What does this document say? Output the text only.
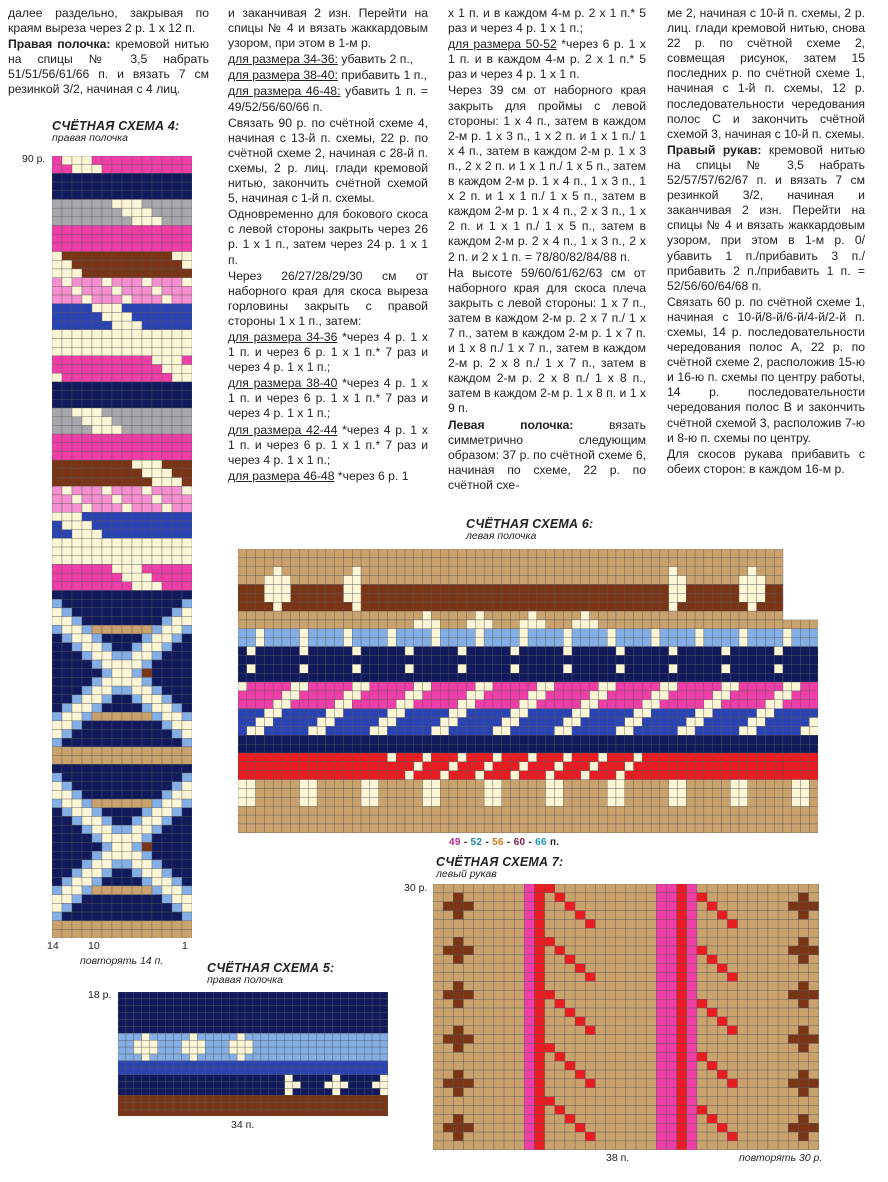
далее раздельно, закрывая по краям выреза через 2 р. 1 х 12 п.

Правая полочка: кремовой нитью на спицы № 3,5 набрать 51/51/56/61/66 п. и вязать 7 см резинкой 3/2, начиная с 4 лиц.

и заканчивая 2 изн. Перейти на спицы № 4 и вязать жаккардовым узором, при этом в 1-м р.

для размера 34-36: убавить 2 п.,

для размера 38-40: прибавить 1 п.,

для размера 46-48: убавить 1 п. = 49/52/56/60/66 п.

Связать 90 р. по счётной схеме 4, начиная с 13-й п. схемы, 22 р. по счётной схеме 2, начиная с 28-й п. схемы, 2 р. лиц. глади кремовой нитью, закончить счётной схемой 5, начиная с 1-й п. схемы.

Одновременно для бокового скоса с левой стороны закрыть через 26 р. 1 х 1 п., затем через 24 р. 1 х 1 п.

Через 26/27/28/29/30 см от наборного края для скоса выреза горловины закрыть с правой стороны 1 х 1 п., затем:

для размера 34-36 *через 4 р. 1 х 1 п. и через 6 р. 1 х 1 п.* 7 раз и через 4 р. 1 х 1 п.;

для размера 38-40 *через 4 р. 1 х 1 п. и через 6 р. 1 х 1 п.* 7 раз и через 4 р. 1 х 1 п.;

для размера 42-44 *через 4 р. 1 х 1 п. и через 6 р. 1 х 1 п.* 7 раз и через 4 р. 1 х 1 п.;

для размера 46-48 *через 6 р. 1

х 1 п. и в каждом 4-м р. 2 х 1 п.* 5 раз и через 4 р. 1 х 1 п.;

для размера 50-52 *через 6 р. 1 х 1 п. и в каждом 4-м р. 2 х 1 п.* 5 раз и через 4 р. 1 х 1 п.

Через 39 см от наборного края закрыть для проймы с левой стороны: 1 х 4 п., затем в каждом 2-м р. 1 х 3 п., 1 х 2 п. и 1 х 1 п./ 1 х 4 п., затем в каждом 2-м р. 1 х 3 п., 2 х 2 п. и 1 х 1 п./ 1 х 5 п., затем в каждом 2-м р. 1 х 4 п., 1 х 3 п., 1 х 2 п. и 1 х 1 п./ 1 х 5 п., затем в каждом 2-м р. 1 х 4 п., 2 х 3 п., 1 х 2 п. и 1 х 1 п./ 1 х 5 п., затем в каждом 2-м р. 2 х 4 п., 1 х 3 п., 2 х 2 п. и 2 х 1 п. = 78/80/82/84/88 п.

На высоте 59/60/61/62/63 см от наборного края для скоса плеча закрыть с левой стороны: 1 х 7 п., затем в каждом 2-м р. 2 х 7 п./ 1 х 7 п., затем в каждом 2-м р. 1 х 7 п. и 1 х 8 п./ 1 х 7 п., затем в каждом 2-м р. 2 х 8 п./ 1 х 7 п., затем в каждом 2-м р. 2 х 8 п./ 1 х 8 п., затем в каждом 2-м р. 1 х 8 п. и 1 х 9 п.

Левая полочка: вязать симметрично следующим образом: 37 р. по счётной схеме 6, начиная по схеме, 22 р. по счётной схе-

ме 2, начиная с 10-й п. схемы, 2 р. лиц. глади кремовой нитью, снова 22 р. по счётной схеме 2, совмещая рисунок, затем 15 последних р. по счётной схеме 1, начиная с 1-й п. схемы, 12 р. последовательности чередования полос С и закончить счётной схемой 3, начиная с 10-й п. схемы.

Правый рукав: кремовой нитью на спицы № 3,5 набрать 52/57/57/62/67 п. и вязать 7 см резинкой 3/2, начиная и заканчивая 2 изн. Перейти на спицы № 4 и вязать жаккардовым узором, при этом в 1-м р. 0/убавить 1 п./прибавить 3 п./прибавить 2 п./прибавить 1 п. = 52/56/60/64/68 п.

Связать 60 р. по счётной схеме 1, начиная с 10-й/8-й/6-й/4-й/2-й п. схемы, 14 р. последовательности чередования полос А, 22 р. по счётной схеме 2, расположив 15-ю и 16-ю п. схемы по центру работы, 14 р. последовательности чередования полос В и закончить счётной схемой 3, расположив 7-ю и 8-ю п. схемы по центру.

Для скосов рукава прибавить с обеих сторон: в каждом 16-м р.

СЧЁТНАЯ СХЕМА 4:
правая полочка
90 р.
14	10	1
повторять 14 п.	СЧЁТНАЯ СХЕМА 5:
правая полочка
18 р.
34 п.
СЧЁТНАЯ СХЕМА 6:
левая полочка
49 - 52 - 56 - 60 - 66 п.
СЧЁТНАЯ СХЕМА 7:
левый рукав
30 р.
38 п.	повторять 30 р.
